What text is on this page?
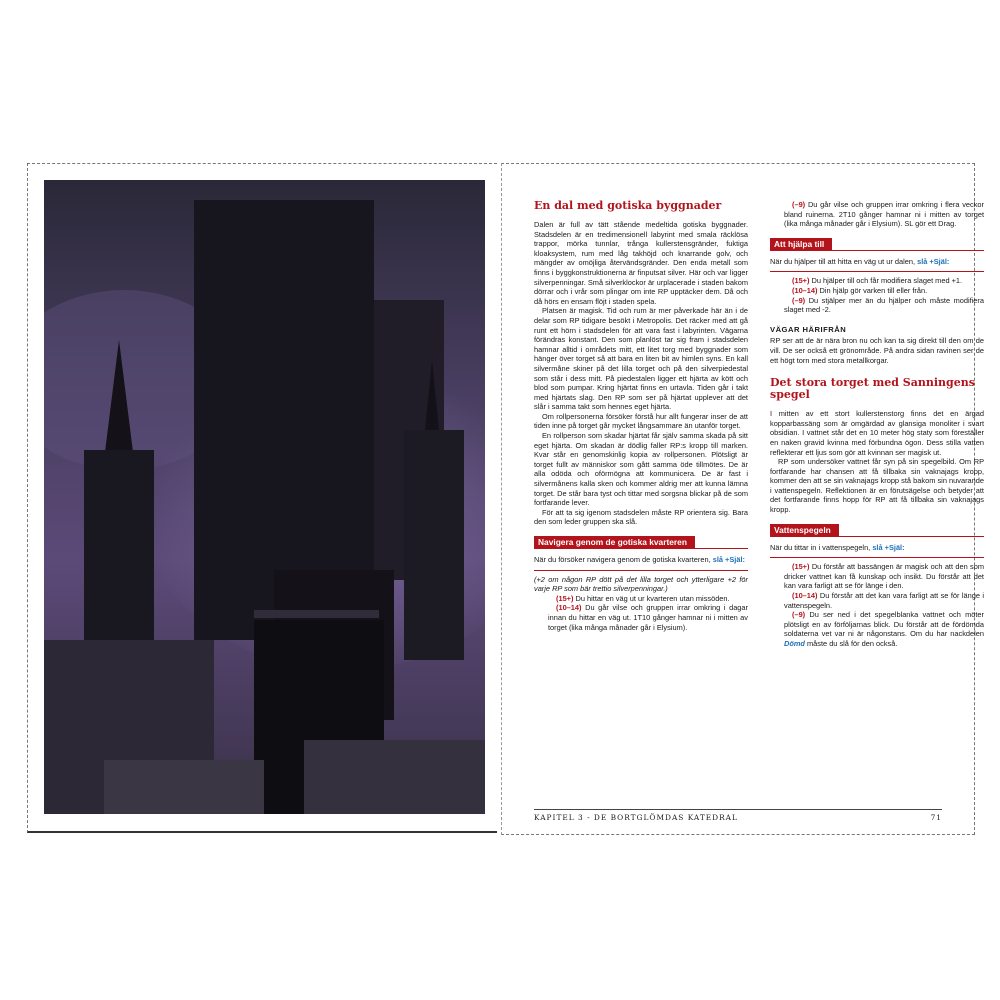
En dal med gotiska byggnader

Dalen är full av tätt stående medeltida gotiska byggnader. Stadsdelen är en tredimensionell labyrint med smala räcklösa trappor, mörka tunnlar, trånga kullerstensgränder, fuktiga kloaksystem, rum med låg takhöjd och knarrande golv, och mängder av omöjliga återvändsgränder. Den enda metall som finns i byggkonstruktionerna är finputsat silver. Här och var ligger silverpenningar. Små silverklockor är urplacerade i staden bakom dörrar och i vrår som plingar om inte RP upptäcker dem. Då och då hörs en ensam flöjt i staden spela.

Platsen är magisk. Tid och rum är mer påverkade här än i de delar som RP tidigare besökt i Metropolis. Det räcker med att gå runt ett hörn i stadsdelen för att vara fast i labyrinten. Vägarna förändras konstant. Den som planlöst tar sig fram i stadsdelen hamnar alltid i områdets mitt, ett litet torg med byggnader som hänger över torget så att bara en liten bit av himlen syns. En kall silvermåne skiner på det lilla torget och på den silverpiedestal som står i dess mitt. På piedestalen ligger ett hjärta av kött och blod som pumpar. Kring hjärtat finns en urtavla. Tiden går i takt med hjärtats slag. Den RP som ser på hjärtat upplever att det slår i samma takt som hennes eget hjärta.

Om rollpersonerna försöker förstå hur allt fungerar inser de att tiden inne på torget går mycket långsammare än utanför torget.

En rollperson som skadar hjärtat får själv samma skada på sitt eget hjärta. Om skadan är dödlig faller RP:s kropp till marken. Kvar står en genomskinlig kopia av rollpersonen. Plötsligt är torget fullt av människor som gått samma öde tillmötes. De är alla odöda och oförmögna att kommunicera. De är fast i silvermånens kalla sken och kommer aldrig mer att kunna lämna torget. De står bara tyst och tittar med sorgsna blickar på de som fortfarande lever.

För att ta sig igenom stadsdelen måste RP orientera sig. Bara den som leder gruppen ska slå.

Navigera genom de gotiska kvarteren

När du försöker navigera genom de gotiska kvarteren, slå +Själ:

(+2 om någon RP dött på det lilla torget och ytterligare +2 för varje RP som bär trettio silverpenningar.)

(15+) Du hittar en väg ut ur kvarteren utan missöden.

(10–14) Du går vilse och gruppen irrar omkring i dagar innan du hittar en väg ut. 1T10 gånger hamnar ni i mitten av torget (lika många månader går i Elysium).

(–9) Du går vilse och gruppen irrar omkring i flera veckor bland ruinerna. 2T10 gånger hamnar ni i mitten av torget (lika många månader går i Elysium). SL gör ett Drag.

Att hjälpa till

När du hjälper till att hitta en väg ut ur dalen, slå +Själ:

(15+) Du hjälper till och får modifiera slaget med +1.

(10–14) Din hjälp gör varken till eller från.

(–9) Du stjälper mer än du hjälper och måste modifiera slaget med -2.

VÄGAR HÄRIFRÅN

RP ser att de är nära bron nu och kan ta sig direkt till den om de vill. De ser också ett grönområde. På andra sidan ravinen ser de ett högt torn med stora metallkorgar.

Det stora torget med Sanningens spegel

I mitten av ett stort kullerstenstorg finns det en ärgad kopparbassäng som är omgärdad av glansiga monoliter i svart obsidian. I vattnet står det en 10 meter hög staty som föreställer en naken gravid kvinna med förbundna ögon. Dess stilla vatten reflekterar ett ljus som gör att kvinnan ser magisk ut.

RP som undersöker vattnet får syn på sin spegelbild. Om RP fortfarande har chansen att få tillbaka sin vaknajags kropp, kommer den att se sin vaknajags kropp stå bakom sin nuvarande i vattenspegeln. Reflektionen är en förutsägelse och betyder att det fortfarande finns hopp för RP att få tillbaka sin vaknajags kropp.

Vattenspegeln

När du tittar in i vattenspegeln, slå +Själ:

(15+) Du förstår att bassängen är magisk och att den som dricker vattnet kan få kunskap och insikt. Du förstår att det kan vara farligt att se för länge i den.

(10–14) Du förstår att det kan vara farligt att se för länge i vattenspegeln.

(–9) Du ser ned i det spegelblanka vattnet och möter plötsligt en av förföljarnas blick. Du förstår att de fördömda soldaterna vet var ni är någonstans. Om du har nackdelen Dömd måste du slå för den också.

KAPITEL 3 - DE BORTGLÖMDAS KATEDRAL	71
